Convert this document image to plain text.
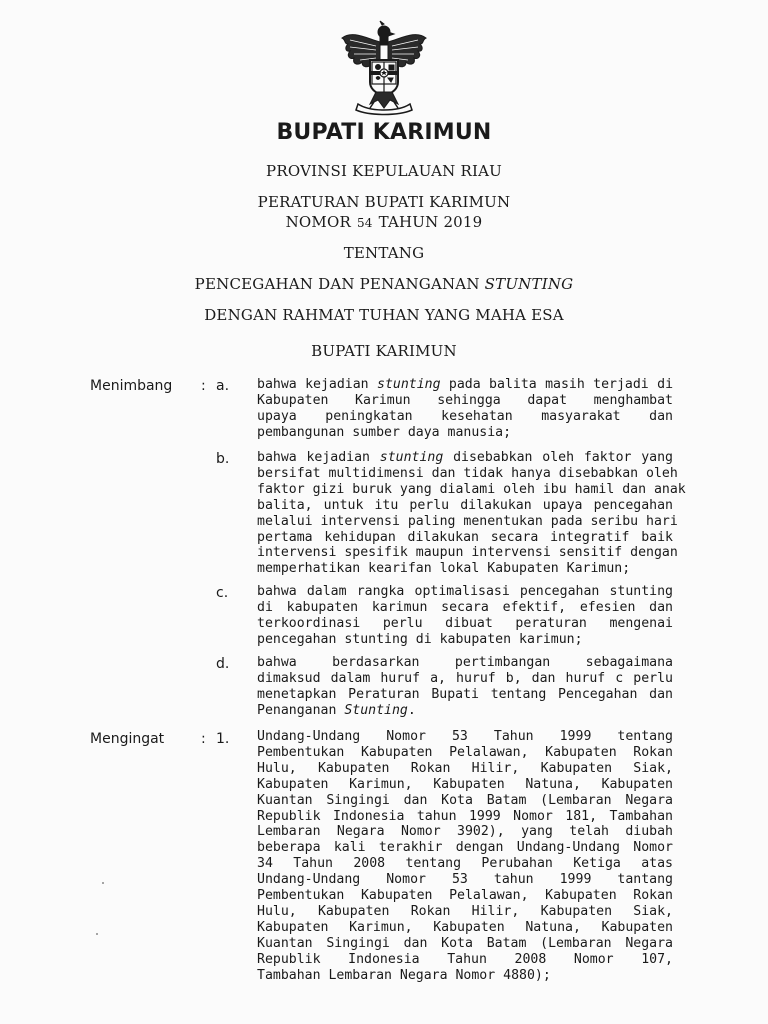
BUPATI KARIMUN
PROVINSI KEPULAUAN RIAU
PERATURAN BUPATI KARIMUN
NOMOR 54 TAHUN 2019
TENTANG
PENCEGAHAN DAN PENANGANAN STUNTING
DENGAN RAHMAT TUHAN YANG MAHA ESA
BUPATI KARIMUN
Menimbang : a. bahwa kejadian stunting pada balita masih terjadi di
Kabupaten Karimun sehingga dapat menghambat
upaya peningkatan kesehatan masyarakat dan
pembangunan sumber daya manusia;
b. bahwa kejadian stunting disebabkan oleh faktor yang
bersifat multidimensi dan tidak hanya disebabkan oleh
faktor gizi buruk yang dialami oleh ibu hamil dan anak
balita, untuk itu perlu dilakukan upaya pencegahan
melalui intervensi paling menentukan pada seribu hari
pertama kehidupan dilakukan secara integratif baik
intervensi spesifik maupun intervensi sensitif dengan
memperhatikan kearifan lokal Kabupaten Karimun;
c. bahwa dalam rangka optimalisasi pencegahan stunting
di kabupaten karimun secara efektif, efesien dan
terkoordinasi perlu dibuat peraturan mengenai
pencegahan stunting di kabupaten karimun;
d. bahwa berdasarkan pertimbangan sebagaimana
dimaksud dalam huruf a, huruf b, dan huruf c perlu
menetapkan Peraturan Bupati tentang Pencegahan dan
Penanganan Stunting.
Mengingat	: 1. Undang-Undang Nomor 53 Tahun 1999 tentang
Pembentukan Kabupaten Pelalawan, Kabupaten Rokan
Hulu, Kabupaten Rokan Hilir, Kabupaten Siak,
Kabupaten Karimun, Kabupaten Natuna, Kabupaten
Kuantan Singingi dan Kota Batam (Lembaran Negara
Republik Indonesia tahun 1999 Nomor 181, Tambahan
Lembaran Negara Nomor 3902), yang telah diubah
beberapa kali terakhir dengan Undang-Undang Nomor
34 Tahun 2008 tentang Perubahan Ketiga atas
Undang-Undang Nomor 53 tahun 1999 tantang
Pembentukan Kabupaten Pelalawan, Kabupaten Rokan
Hulu, Kabupaten Rokan Hilir, Kabupaten Siak,
Kabupaten Karimun, Kabupaten Natuna, Kabupaten
Kuantan Singingi dan Kota Batam (Lembaran Negara
Republik Indonesia Tahun 2008 Nomor 107,
Tambahan Lembaran Negara Nomor 4880);
